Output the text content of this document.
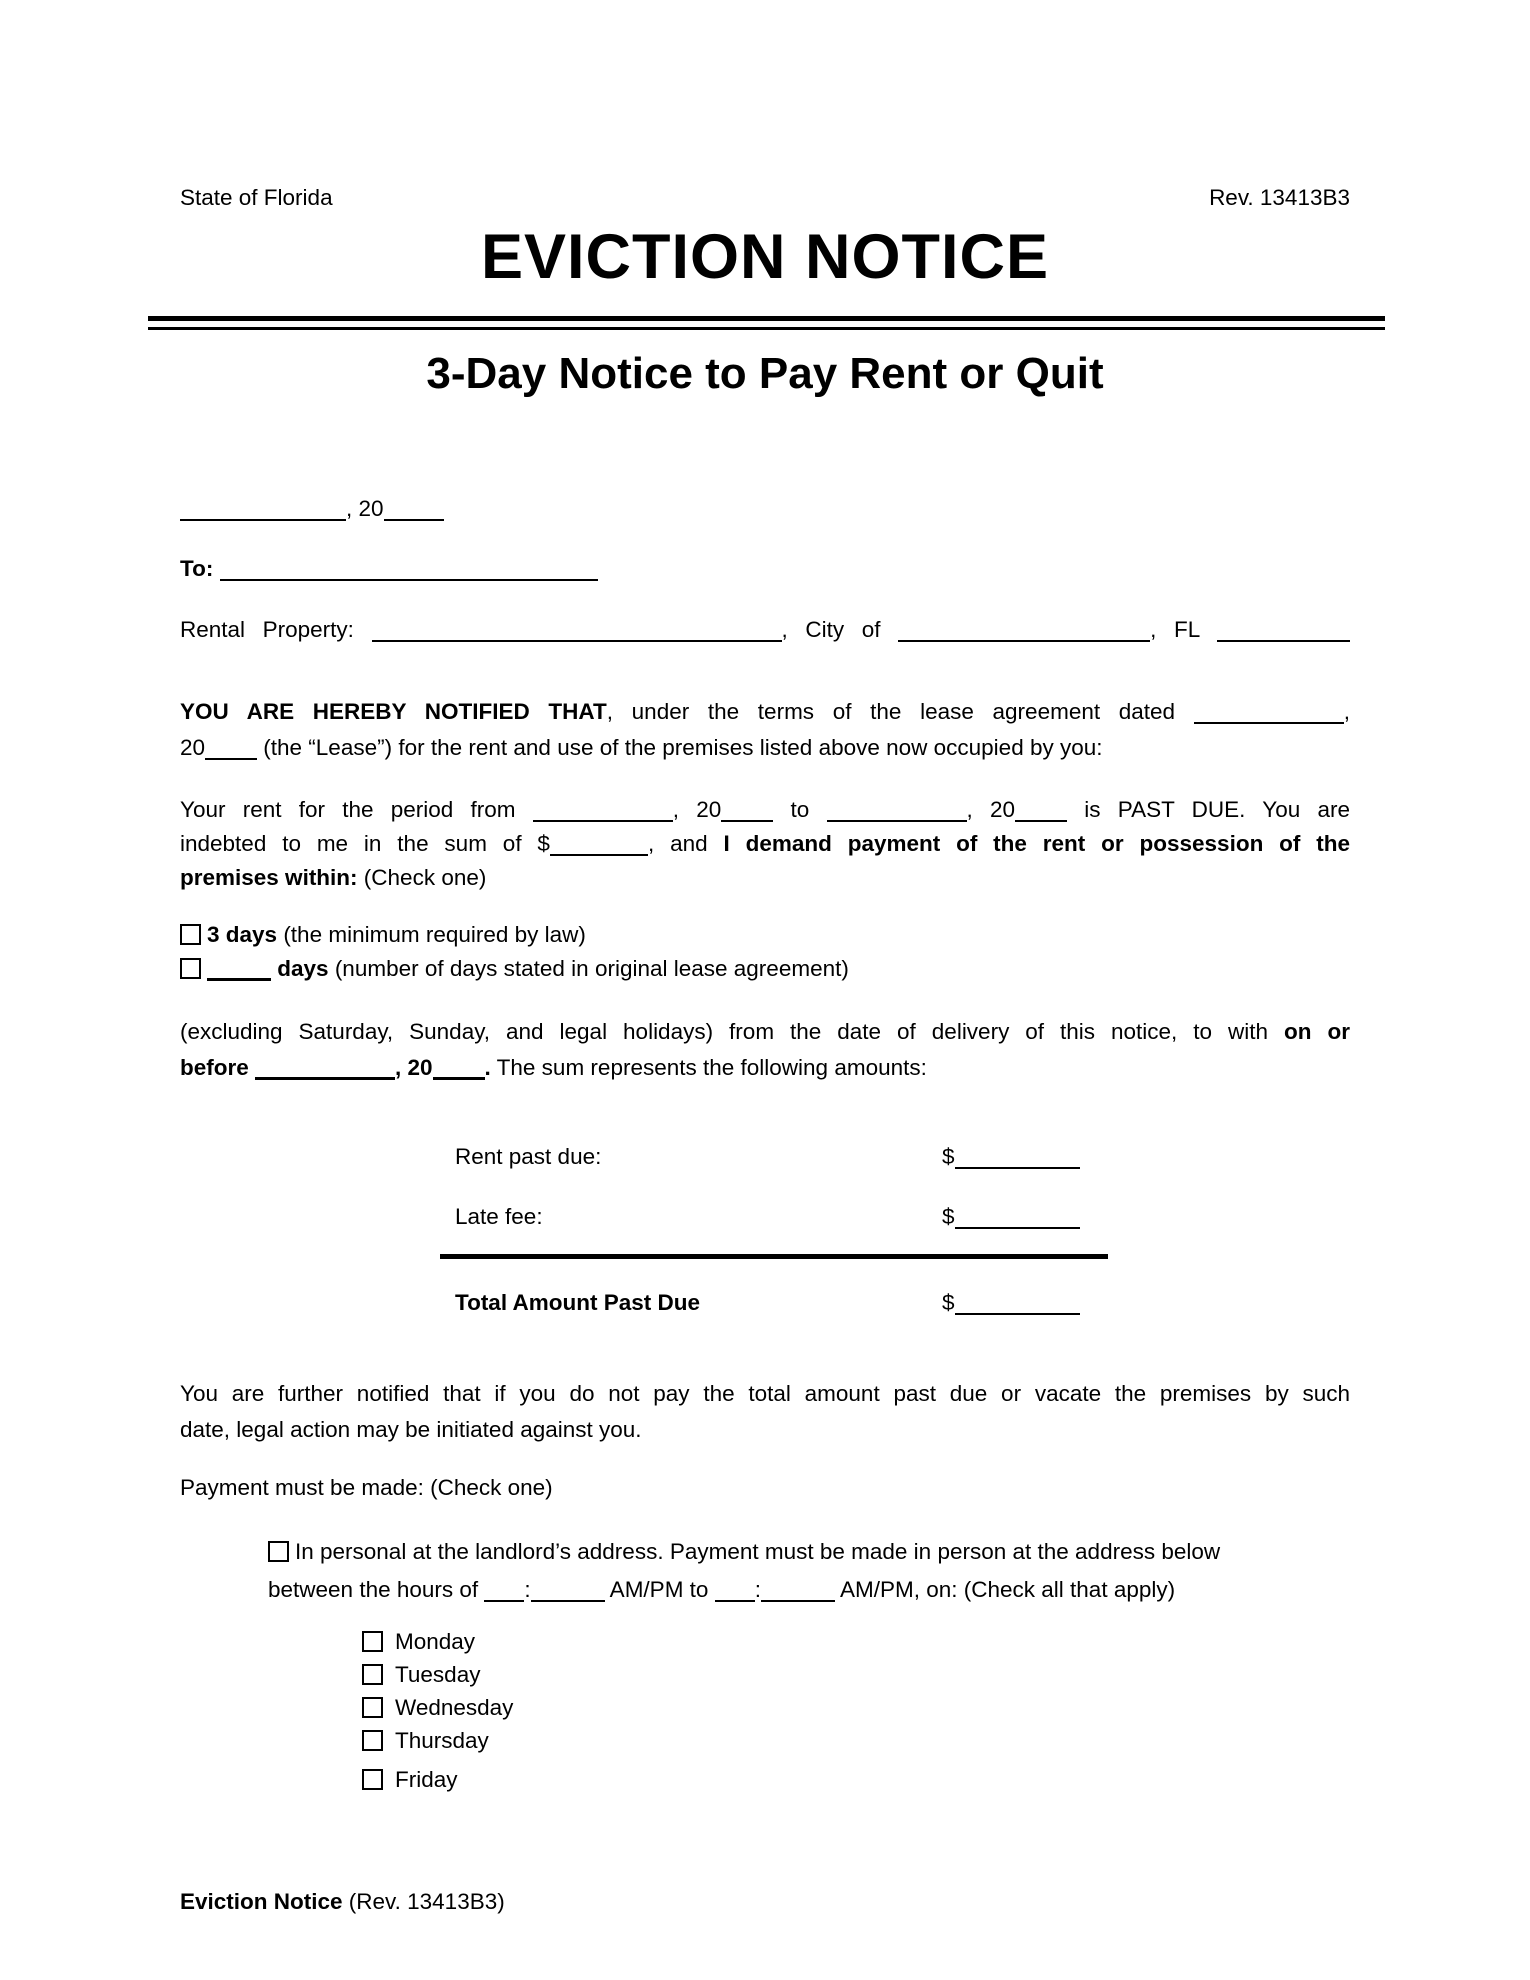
State of Florida	Rev. 13413B3
EVICTION NOTICE
3-Day Notice to Pay Rent or Quit
, 20
To:
Rental Property:	, City of	, FL
YOU ARE HEREBY NOTIFIED THAT, under the terms of the lease agreement dated	,
20 (the “Lease”) for the rent and use of the premises listed above now occupied by you:
Your rent for the period from	, 20 to	, 20 is PAST DUE. You are
indebted to me in the sum of $	, and I demand payment of the rent or possession of the
premises within: (Check one)
3 days (the minimum required by law)
days (number of days stated in original lease agreement)
(excluding Saturday, Sunday, and legal holidays) from the date of delivery of this notice, to with on or
before	, 20 . The sum represents the following amounts:
Rent past due:	$
Late fee:	$
Total Amount Past Due	$
You are further notified that if you do not pay the total amount past due or vacate the premises by such
date, legal action may be initiated against you.
Payment must be made: (Check one)
In personal at the landlord’s address. Payment must be made in person at the address below
between the hours of :	AM/PM to :	AM/PM, on: (Check all that apply)
Monday
Tuesday
Wednesday
Thursday
Friday
Eviction Notice (Rev. 13413B3)
